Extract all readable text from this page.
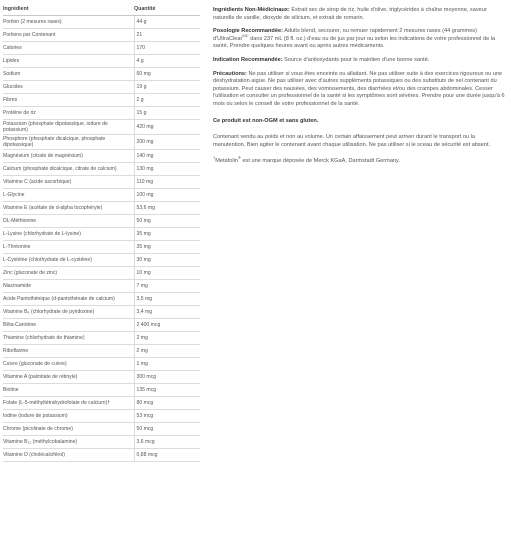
Ingrédient	Quantité
Portion (2 mesures rases)	44 g
Portions par Contenant	21
Calories	170
Lipides	4 g
Sodium	60 mg
Glucides	19 g
Fibres	2 g
Protéine de riz	15 g
Potassium (phosphate dipotassique, iodure de potassium)	420 mg
Phosphore (phosphate dicalcique, phosphate dipotassique)	200 mg
Magnésium (citrate de magnésium)	140 mg
Calcium (phosphate dicalcique, citrate de calcium)	130 mg
Vitamine C (acide ascorbique)	110 mg
L-Glycine	100 mg
Vitamine E (acétate de d-alpha tocophéryle)	53,6 mg
DL-Méthionine	50 mg
L-Lysine (chlorhydrate de L-lysine)	35 mg
L-Thréonine	35 mg
L-Cystéine (chlorhydrate de L-cystéine)	30 mg
Zinc (gluconate de zinc)	10 mg
Niacinamide	7 mg
Acide Pantothénique (d-pantothénate de calcium)	3,5 mg
Vitamine B₆ (chlorhydrate de pyridoxine)	3,4 mg
Bêta-Carotène	2 400 mcg
Thiamine (chlorhydrate de thiamine)	2 mg
Riboflavine	2 mg
Cuivre (gluconate de cuivre)	1 mg
Vitamine A (palmitate de rétinyle)	300 mcg
Biotine	135 mcg
Folate (L-5-méthyltétrahydrofolate de calcium)†	80 mcg
Iodine (iodure de potassium)	53 mcg
Chrome (picolinate de chrome)	50 mcg
Vitamine B₁₂ (méthylcobalamine)	3,6 mcg
Vitamine D (cholécalciférol)	0,88 mcg

Ingrédients Non-Médicinaux: Extrait sec de sirop de riz, huile d'olive, triglycérides à chaîne moyenne, saveur naturelle de vanille, dioxyde de silicium, et extrait de romarin.

Posologie Recommandée: Adults blend, secourer, ou remuer rapidement 2 mesures rases (44 grammes) d'UltraClear$^{MC}$ dans 237 mL (8 fl. oz.) d'eau ou de jus par jour ou selon les indications de votre professionnel de la santé. Prendre quelques heures avant ou après autres médicaments.

Indication Recommandée: Source d'antioxydants pour le maintien d'une bonne santé.

Précautions: Ne pas utiliser si vous êtes enceinte ou allaitant. Ne pas utiliser suite à des exercices rigoureux ou une déshydratation aigüe. Ne pas utiliser avec d'autres suppléments potassiques ou des substituts de sel contenant du potassium. Peut causer des nausées, des vomissements, des diarrhées et/ou des crampes abdominales. Cesser l'utilisation et consulter un professionnel de la santé si les symptômes sont sévères. Prendre pour une durée jusqu'à 6 mois ou selon le conseil de votre professionnel de la santé.

Ce produit est non-OGM et sans gluten.

Contenant vendu au poids et non au volume. Un certain affaissement peut arriver durant le transport ou la manutention. Bien agiter le contenant avant chaque utilisation. Ne pas utiliser si le sceau de sécurité est absent.

†Metafolin® est une marque déposée de Merck KGaA, Darmstadt Germany.
